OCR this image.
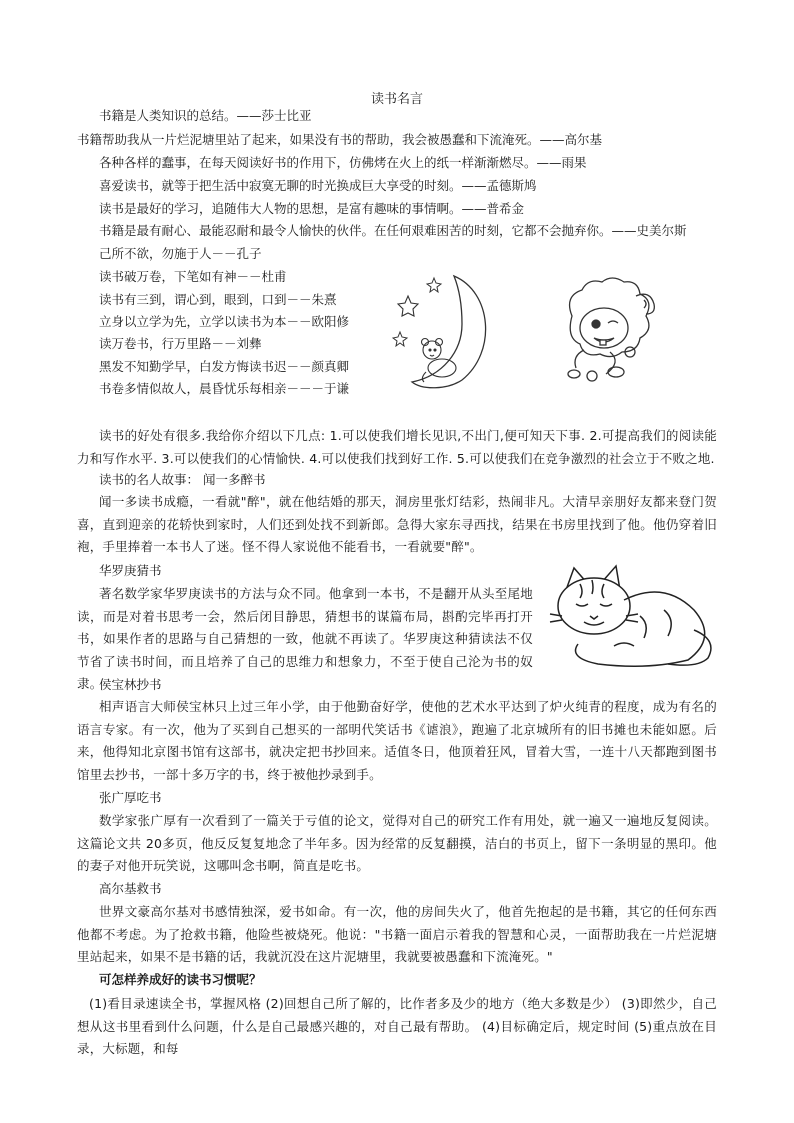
读书名言
书籍是人类知识的总结。——莎士比亚
书籍帮助我从一片烂泥塘里站了起来，如果没有书的帮助，我会被愚蠢和下流淹死。——高尔基
各种各样的蠢事，在每天阅读好书的作用下，仿佛烤在火上的纸一样渐渐燃尽。——雨果
喜爱读书，就等于把生活中寂寞无聊的时光换成巨大享受的时刻。——孟德斯鸠
读书是最好的学习，追随伟大人物的思想，是富有趣味的事情啊。——普希金
书籍是最有耐心、最能忍耐和最令人愉快的伙伴。在任何艰难困苦的时刻，它都不会抛弃你。——史美尔斯
己所不欲，勿施于人－－孔子
读书破万卷，下笔如有神－－杜甫
读书有三到，谓心到，眼到，口到－－朱熹
立身以立学为先，立学以读书为本－－欧阳修
读万卷书，行万里路－－刘彝
黑发不知勤学早，白发方悔读书迟－－颜真卿
书卷多情似故人，晨昏忧乐每相亲－－－于谦
读书的好处有很多.我给你介绍以下几点: 1.可以使我们增长见识,不出门,便可知天下事. 2.可提高我们的阅读能力和写作水平. 3.可以使我们的心情愉快. 4.可以使我们找到好工作. 5.可以使我们在竞争激烈的社会立于不败之地.
读书的名人故事： 闻一多醉书
闻一多读书成瘾，一看就"醉"，就在他结婚的那天，洞房里张灯结彩，热闹非凡。大清早亲朋好友都来登门贺喜，直到迎亲的花轿快到家时，人们还到处找不到新郎。急得大家东寻西找，结果在书房里找到了他。他仍穿着旧袍，手里捧着一本书人了迷。怪不得人家说他不能看书，一看就要"醉"。
华罗庚猜书
著名数学家华罗庚读书的方法与众不同。他拿到一本书，不是翻开从头至尾地读，而是对着书思考一会，然后闭目静思，猜想书的谋篇布局，斟酌完毕再打开书，如果作者的思路与自己猜想的一致，他就不再读了。华罗庚这种猜读法不仅节省了读书时间，而且培养了自己的思维力和想象力，不至于使自己沦为书的奴隶。
侯宝林抄书
相声语言大师侯宝林只上过三年小学，由于他勤奋好学，使他的艺术水平达到了炉火纯青的程度，成为有名的语言专家。有一次，他为了买到自己想买的一部明代笑话书《谑浪》，跑遍了北京城所有的旧书摊也未能如愿。后来，他得知北京图书馆有这部书，就决定把书抄回来。适值冬日，他顶着狂风，冒着大雪，一连十八天都跑到图书馆里去抄书，一部十多万字的书，终于被他抄录到手。
张广厚吃书
数学家张广厚有一次看到了一篇关于亏值的论文，觉得对自己的研究工作有用处，就一遍又一遍地反复阅读。这篇论文共 20多页，他反反复复地念了半年多。因为经常的反复翻摸，洁白的书页上，留下一条明显的黑印。他的妻子对他开玩笑说，这哪叫念书啊，简直是吃书。
高尔基救书
世界文豪高尔基对书感情独深，爱书如命。有一次，他的房间失火了，他首先抱起的是书籍，其它的任何东西他都不考虑。为了抢救书籍，他险些被烧死。他说："书籍一面启示着我的智慧和心灵，一面帮助我在一片烂泥塘里站起来，如果不是书籍的话，我就沉没在这片泥塘里，我就要被愚蠢和下流淹死。"
可怎样养成好的读书习惯呢？
(1)看目录速读全书，掌握风格 (2)回想自己所了解的，比作者多及少的地方（绝大多数是少） (3)即然少，自己想从这书里看到什么问题，什么是自己最感兴趣的，对自己最有帮助。 (4)目标确定后，规定时间 (5)重点放在目录，大标题，和每
